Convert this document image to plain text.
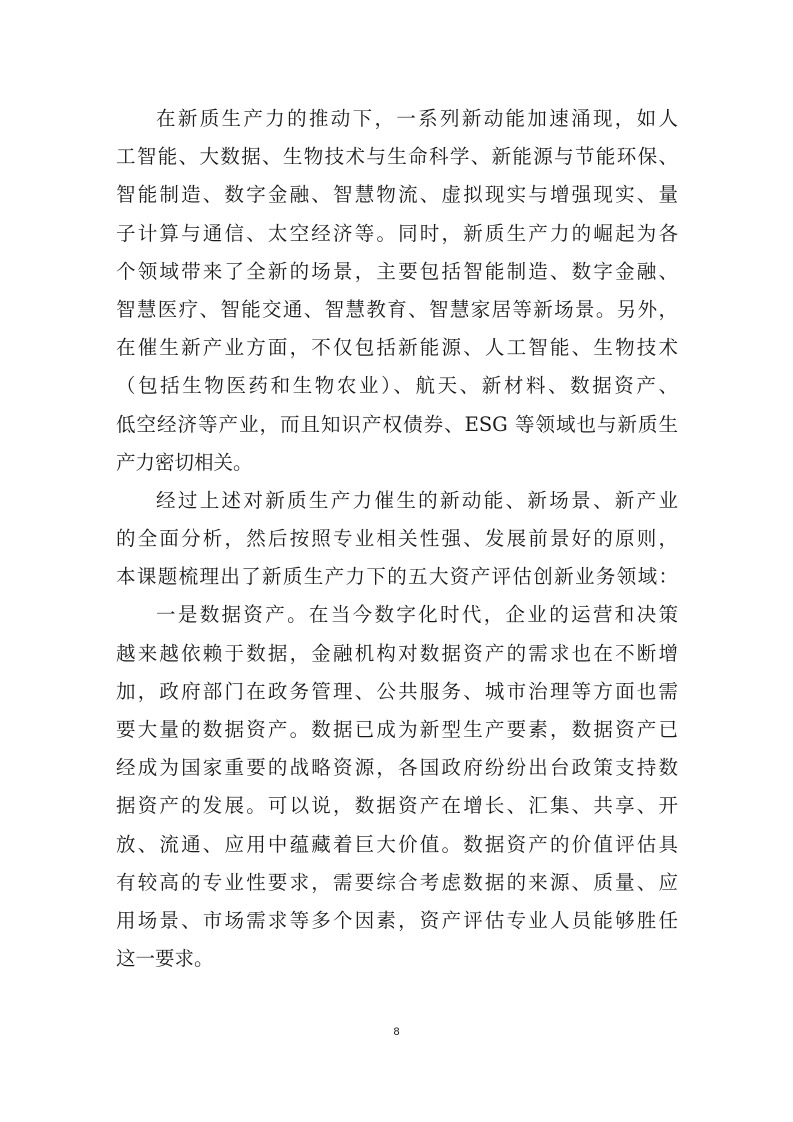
在新质生产力的推动下，一系列新动能加速涌现，如人
工智能、大数据、生物技术与生命科学、新能源与节能环保、
智能制造、数字金融、智慧物流、虚拟现实与增强现实、量
子计算与通信、太空经济等。同时，新质生产力的崛起为各
个领域带来了全新的场景，主要包括智能制造、数字金融、
智慧医疗、智能交通、智慧教育、智慧家居等新场景。另外，
在催生新产业方面，不仅包括新能源、人工智能、生物技术
（包括生物医药和生物农业）、航天、新材料、数据资产、
低空经济等产业，而且知识产权债券、ESG 等领域也与新质生
产力密切相关。
经过上述对新质生产力催生的新动能、新场景、新产业
的全面分析，然后按照专业相关性强、发展前景好的原则，
本课题梳理出了新质生产力下的五大资产评估创新业务领域：
一是数据资产。在当今数字化时代，企业的运营和决策
越来越依赖于数据，金融机构对数据资产的需求也在不断增
加，政府部门在政务管理、公共服务、城市治理等方面也需
要大量的数据资产。数据已成为新型生产要素，数据资产已
经成为国家重要的战略资源，各国政府纷纷出台政策支持数
据资产的发展。可以说，数据资产在增长、汇集、共享、开
放、流通、应用中蕴藏着巨大价值。数据资产的价值评估具
有较高的专业性要求，需要综合考虑数据的来源、质量、应
用场景、市场需求等多个因素，资产评估专业人员能够胜任
这一要求。
8
